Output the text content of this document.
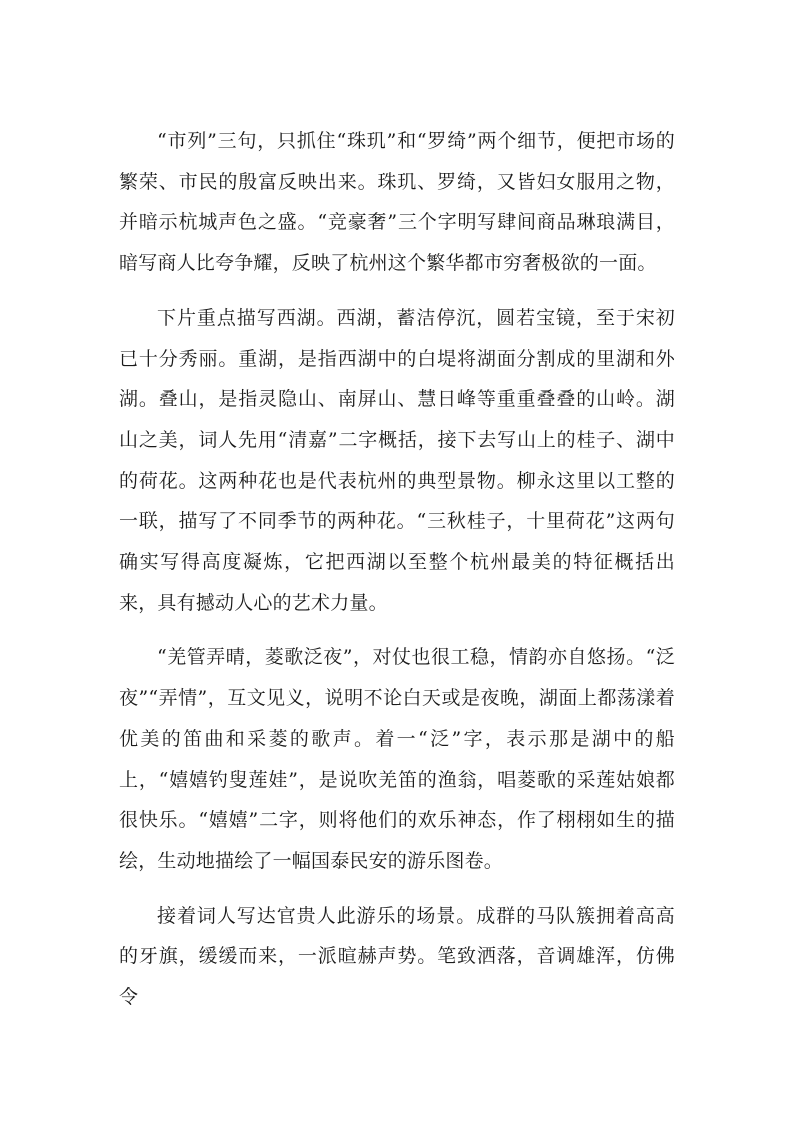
“市列”三句，只抓住“珠玑”和“罗绮”两个细节，便把市场的繁荣、市民的殷富反映出来。珠玑、罗绮，又皆妇女服用之物，并暗示杭城声色之盛。“竞豪奢”三个字明写肆间商品琳琅满目，暗写商人比夸争耀，反映了杭州这个繁华都市穷奢极欲的一面。

下片重点描写西湖。西湖，蓄洁停沉，圆若宝镜，至于宋初已十分秀丽。重湖，是指西湖中的白堤将湖面分割成的里湖和外湖。叠山，是指灵隐山、南屏山、慧日峰等重重叠叠的山岭。湖山之美，词人先用“清嘉”二字概括，接下去写山上的桂子、湖中的荷花。这两种花也是代表杭州的典型景物。柳永这里以工整的一联，描写了不同季节的两种花。“三秋桂子，十里荷花”这两句确实写得高度凝炼，它把西湖以至整个杭州最美的特征概括出来，具有撼动人心的艺术力量。

“羌管弄晴，菱歌泛夜”，对仗也很工稳，情韵亦自悠扬。“泛夜”“弄情”，互文见义，说明不论白天或是夜晚，湖面上都荡漾着优美的笛曲和采菱的歌声。着一“泛”字，表示那是湖中的船上，“嬉嬉钓叟莲娃”，是说吹羌笛的渔翁，唱菱歌的采莲姑娘都很快乐。“嬉嬉”二字，则将他们的欢乐神态，作了栩栩如生的描绘，生动地描绘了一幅国泰民安的游乐图卷。

接着词人写达官贵人此游乐的场景。成群的马队簇拥着高高的牙旗，缓缓而来，一派暄赫声势。笔致洒落，音调雄浑，仿佛令
